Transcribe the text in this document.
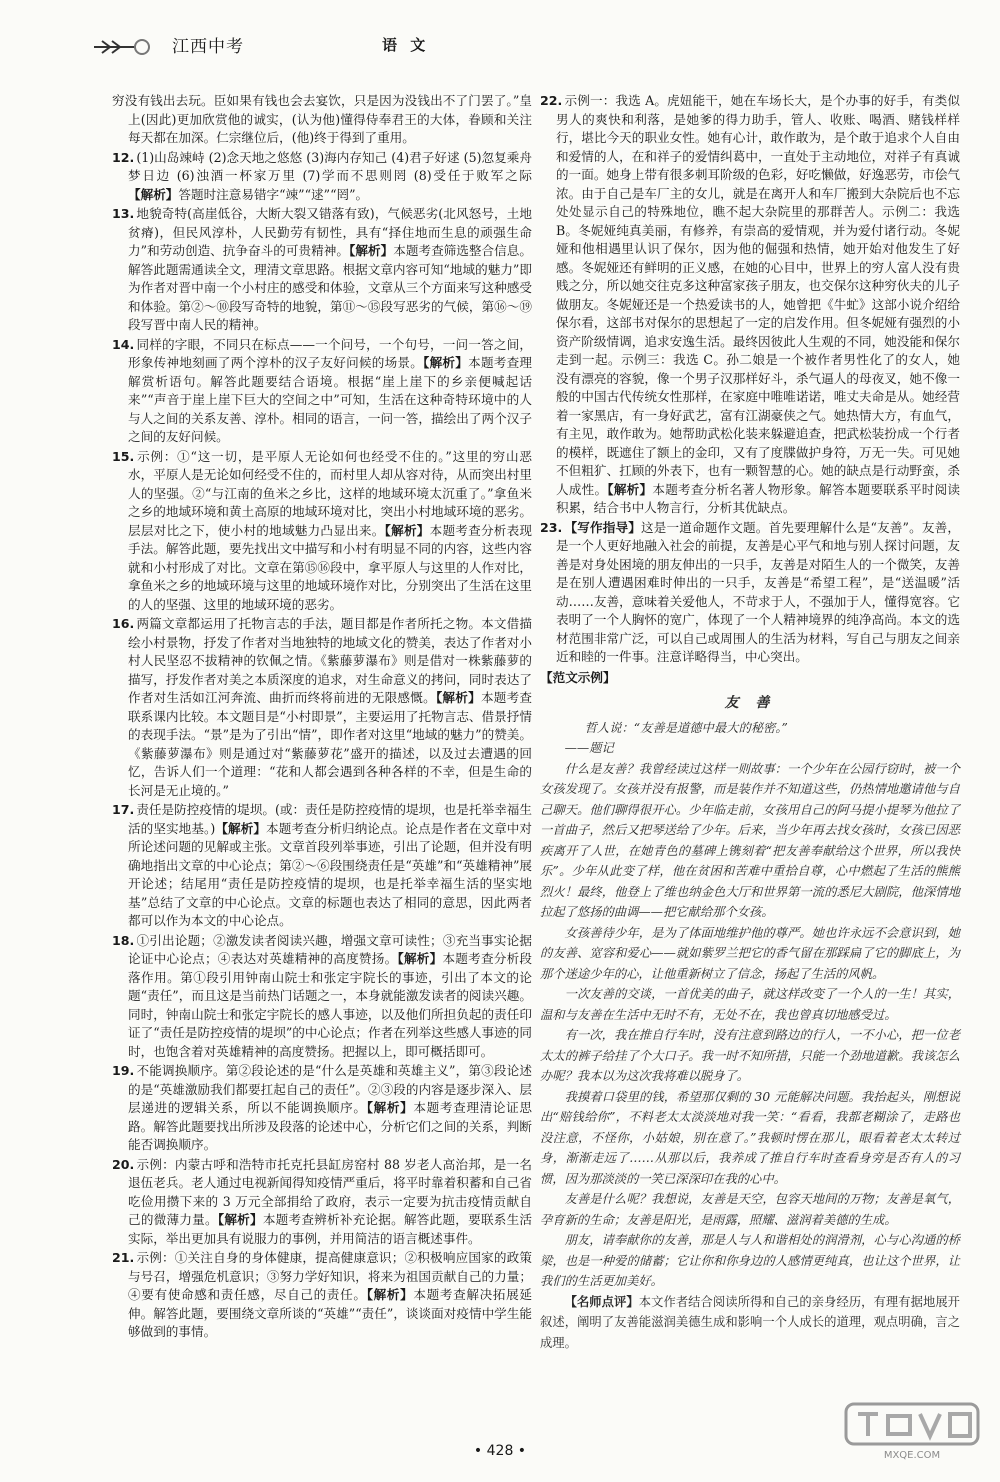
江西中考	语 文

穷没有钱出去玩。臣如果有钱也会去宴饮，只是因为没钱出不了门罢了。”皇上(因此)更加欣赏他的诚实，(认为他)懂得侍奉君王的大体，眷顾和关注每天都在加深。仁宗继位后，(他)终于得到了重用。

12. (1)山岛竦峙 (2)念天地之悠悠 (3)海内存知己 (4)君子好逑 (5)忽复乘舟梦日边 (6)浊酒一杯家万里 (7)学而不思则罔 (8)受任于败军之际【解析】答题时注意易错字“竦”“逑”“罔”。

13. 地貌奇特(高崖低谷，大断大裂又错落有致)，气候恶劣(北风怒号，土地贫瘠)，但民风淳朴，人民勤劳有韧性，具有“择住地而生息的顽强生命力”和劳动创造、抗争奋斗的可贵精神。【解析】本题考查筛选整合信息。解答此题需通读全文，理清文章思路。根据文章内容可知“地域的魅力”即为作者对晋中南一个小村庄的感受和体验，文章从三个方面来写这种感受和体验。第②～⑩段写奇特的地貌，第⑪～⑮段写恶劣的气候，第⑯～⑲段写晋中南人民的精神。

14. 同样的字眼，不同只在标点——一个问号，一个句号，一问一答之间，形象传神地刻画了两个淳朴的汉子友好问候的场景。【解析】本题考查理解赏析语句。解答此题要结合语境。根据“崖上崖下的乡亲便喊起话来”“声音于崖上崖下巨大的空间之中”可知，生活在这种奇特环境中的人与人之间的关系友善、淳朴。相同的语言，一问一答，描绘出了两个汉子之间的友好问候。

15. 示例：①“这一切，是平原人无论如何也经受不住的。”这里的穷山恶水，平原人是无论如何经受不住的，而村里人却从容对待，从而突出村里人的坚强。②“与江南的鱼米之乡比，这样的地域环境太沉重了。”拿鱼米之乡的地域环境和黄土高原的地域环境对比，突出小村地域环境的恶劣。层层对比之下，使小村的地域魅力凸显出来。【解析】本题考查分析表现手法。解答此题，要先找出文中描写和小村有明显不同的内容，这些内容就和小村形成了对比。文章在第⑮⑯段中，拿平原人与这里的人作对比，拿鱼米之乡的地域环境与这里的地域环境作对比，分别突出了生活在这里的人的坚强、这里的地域环境的恶劣。

16. 两篇文章都运用了托物言志的手法，题目都是作者所托之物。本文借描绘小村景物，抒发了作者对当地独特的地域文化的赞美，表达了作者对小村人民坚忍不拔精神的钦佩之情。《紫藤萝瀑布》则是借对一株紫藤萝的描写，抒发作者对美之本质深度的追求，对生命意义的拷问，同时表达了作者对生活如江河奔流、曲折而终将前进的无限感慨。【解析】本题考查联系课内比较。本文题目是“小村即景”，主要运用了托物言志、借景抒情的表现手法。“景”是为了引出“情”，即作者对这里“地域的魅力”的赞美。《紫藤萝瀑布》则是通过对“紫藤萝花”盛开的描述，以及过去遭遇的回忆，告诉人们一个道理：“花和人都会遇到各种各样的不幸，但是生命的长河是无止境的。”

17. 责任是防控疫情的堤坝。(或：责任是防控疫情的堤坝，也是托举幸福生活的坚实地基。)【解析】本题考查分析归纳论点。论点是作者在文章中对所论述问题的见解或主张。文章首段列举事迹，引出了论题，但并没有明确地指出文章的中心论点；第②～⑥段围绕责任是“英雄”和“英雄精神”展开论述；结尾用“责任是防控疫情的堤坝，也是托举幸福生活的坚实地基”总结了文章的中心论点。文章的标题也表达了相同的意思，因此两者都可以作为本文的中心论点。

18. ①引出论题；②激发读者阅读兴趣，增强文章可读性；③充当事实论据论证中心论点；④表达对英雄精神的高度赞扬。【解析】本题考查分析段落作用。第①段引用钟南山院士和张定宇院长的事迹，引出了本文的论题“责任”，而且这是当前热门话题之一，本身就能激发读者的阅读兴趣。同时，钟南山院士和张定宇院长的感人事迹，以及他们所担负起的责任印证了“责任是防控疫情的堤坝”的中心论点；作者在列举这些感人事迹的同时，也饱含着对英雄精神的高度赞扬。把握以上，即可概括即可。

19. 不能调换顺序。第②段论述的是“什么是英雄和英雄主义”，第③段论述的是“英雄激励我们都要扛起自己的责任”。②③段的内容是逐步深入、层层递进的逻辑关系，所以不能调换顺序。【解析】本题考查理清论证思路。解答此题要找出所涉及段落的论述中心，分析它们之间的关系，判断能否调换顺序。

20. 示例：内蒙古呼和浩特市托克托县缸房窑村 88 岁老人高治邦，是一名退伍老兵。老人通过电视新闻得知疫情严重后，将平时靠着积蓄和自己省吃俭用攒下来的 3 万元全部捐给了政府，表示一定要为抗击疫情贡献自己的微薄力量。【解析】本题考查辨析补充论据。解答此题，要联系生活实际，举出更加具有说服力的事例，并用简洁的语言概述事件。

21. 示例：①关注自身的身体健康，提高健康意识；②积极响应国家的政策与号召，增强危机意识；③努力学好知识，将来为祖国贡献自己的力量；④要有使命感和责任感，尽自己的责任。【解析】本题考查解决拓展延伸。解答此题，要围绕文章所谈的“英雄”“责任”，谈谈面对疫情中学生能够做到的事情。

22. 示例一：我选 A。虎妞能干，她在车场长大，是个办事的好手，有类似男人的爽快和利落，是她爹的得力助手，管人、收账、喝酒、赌钱样样行，堪比今天的职业女性。她有心计，敢作敢为，是个敢于追求个人自由和爱情的人，在和祥子的爱情纠葛中，一直处于主动地位，对祥子有真诚的一面。她身上带有很多刺耳阶级的色彩，好吃懒做，好逸恶劳，市侩气浓。由于自己是车厂主的女儿，就是在离开人和车厂搬到大杂院后也不忘处处显示自己的特殊地位，瞧不起大杂院里的那群苦人。示例二：我选 B。冬妮娅纯真美丽，有修养，有崇高的爱情观，并为爱付诸行动。冬妮娅和他相遇里认识了保尔，因为他的倔强和热情，她开始对他发生了好感。冬妮娅还有鲜明的正义感，在她的心目中，世界上的穷人富人没有贵贱之分，所以她交往克多这种富家孩子朋友，也交保尔这种穷伙夫的儿子做朋友。冬妮娅还是一个热爱读书的人，她曾把《牛虻》这部小说介绍给保尔看，这部书对保尔的思想起了一定的启发作用。但冬妮娅有强烈的小资产阶级情调，追求安逸生活。最终因彼此人生观的不同，她没能和保尔走到一起。示例三：我选 C。孙二娘是一个被作者男性化了的女人，她没有漂亮的容貌，像一个男子汉那样好斗，杀气逼人的母夜叉，她不像一般的中国古代传统女性那样，在家庭中唯唯诺诺，唯丈夫命是从。她经营着一家黑店，有一身好武艺，富有江湖豪侠之气。她热情大方，有血气，有主见，敢作敢为。她帮助武松化装来躲避追查，把武松装扮成一个行者的模样，既遮住了额上的金印，又有了度牒做护身符，万无一失。可见她不但粗犷、扛顾的外表下，也有一颗智慧的心。她的缺点是行动野蛮，杀人成性。【解析】本题考查分析名著人物形象。解答本题要联系平时阅读积累，结合书中人物言行，分析其优缺点。

23. 【写作指导】这是一道命题作文题。首先要理解什么是“友善”。友善，是一个人更好地融入社会的前提，友善是心平气和地与别人探讨问题，友善是对身处困境的朋友伸出的一只手，友善是对陌生人的一个微笑，友善是在别人遭遇困难时伸出的一只手，友善是“希望工程”，是“送温暖”活动……友善，意味着关爱他人，不苛求于人，不强加于人，懂得宽容。它表明了一个人胸怀的宽广，体现了一个人精神境界的纯净高尚。本文的选材范围非常广泛，可以自己或周围人的生活为材料，写自己与朋友之间亲近和睦的一件事。注意详略得当，中心突出。

【范文示例】
友 善

哲人说：“友善是道德中最大的秘密。”

——题记

什么是友善？我曾经读过这样一则故事：一个少年在公园行窃时，被一个女孩发现了。女孩并没有报警，而是装作并不知道这些，仍热情地邀请他与自己聊天。他们聊得很开心。少年临走前，女孩用自己的阿马提小提琴为他拉了一首曲子，然后又把琴送给了少年。后来，当少年再去找女孩时，女孩已因恶疾离开了人世，在她青色的墓碑上镌刻着“把友善奉献给这个世界，所以我快乐”。少年从此变了样，他在贫困和苦难中重拾自尊，心中燃起了生活的熊熊烈火！最终，他登上了维也纳金色大厅和世界第一流的悉尼大剧院，他深情地拉起了悠扬的曲调——把它献给那个女孩。

女孩善待少年，是为了体面地维护他的尊严。她也许永远不会意识到，她的友善、宽容和爱心——就如紫罗兰把它的香气留在那踩扁了它的脚底上，为那个迷途少年的心，让他重新树立了信念，扬起了生活的风帆。

一次友善的交谈，一首优美的曲子，就这样改变了一个人的一生！其实，温和与友善在生活中无时不有，无处不在，我也曾真切地感受过。

有一次，我在推自行车时，没有注意到路边的行人，一不小心，把一位老太太的裤子给挂了个大口子。我一时不知所措，只能一个劲地道歉。我该怎么办呢？我本以为这次我将难以脱身了。

我摸着口袋里的钱，希望那仅剩的 30 元能解决问题。我抬起头，刚想说出“赔钱给你”，不料老太太淡淡地对我一笑：“看看，我都老糊涂了，走路也没注意，不怪你，小姑娘，别在意了。”我顿时愣在那儿，眼看着老太太转过身，渐渐走远了……从那以后，我养成了推自行车时查看身旁是否有人的习惯，因为那淡淡的一笑已深深印在我的心中。

友善是什么呢？我想说，友善是天空，包容天地间的万物；友善是氧气，孕育新的生命；友善是阳光，是雨露，照耀、滋润着美德的生成。

朋友，请奉献你的友善，那是人与人和谐相处的润滑剂，心与心沟通的桥梁，也是一种爱的储蓄；它让你和你身边的人感情更纯真，也让这个世界，让我们的生活更加美好。

【名师点评】本文作者结合阅读所得和自己的亲身经历，有理有据地展开叙述，阐明了友善能滋润美德生成和影响一个人成长的道理，观点明确，言之成理。

• 428 •	MXQE.COM
